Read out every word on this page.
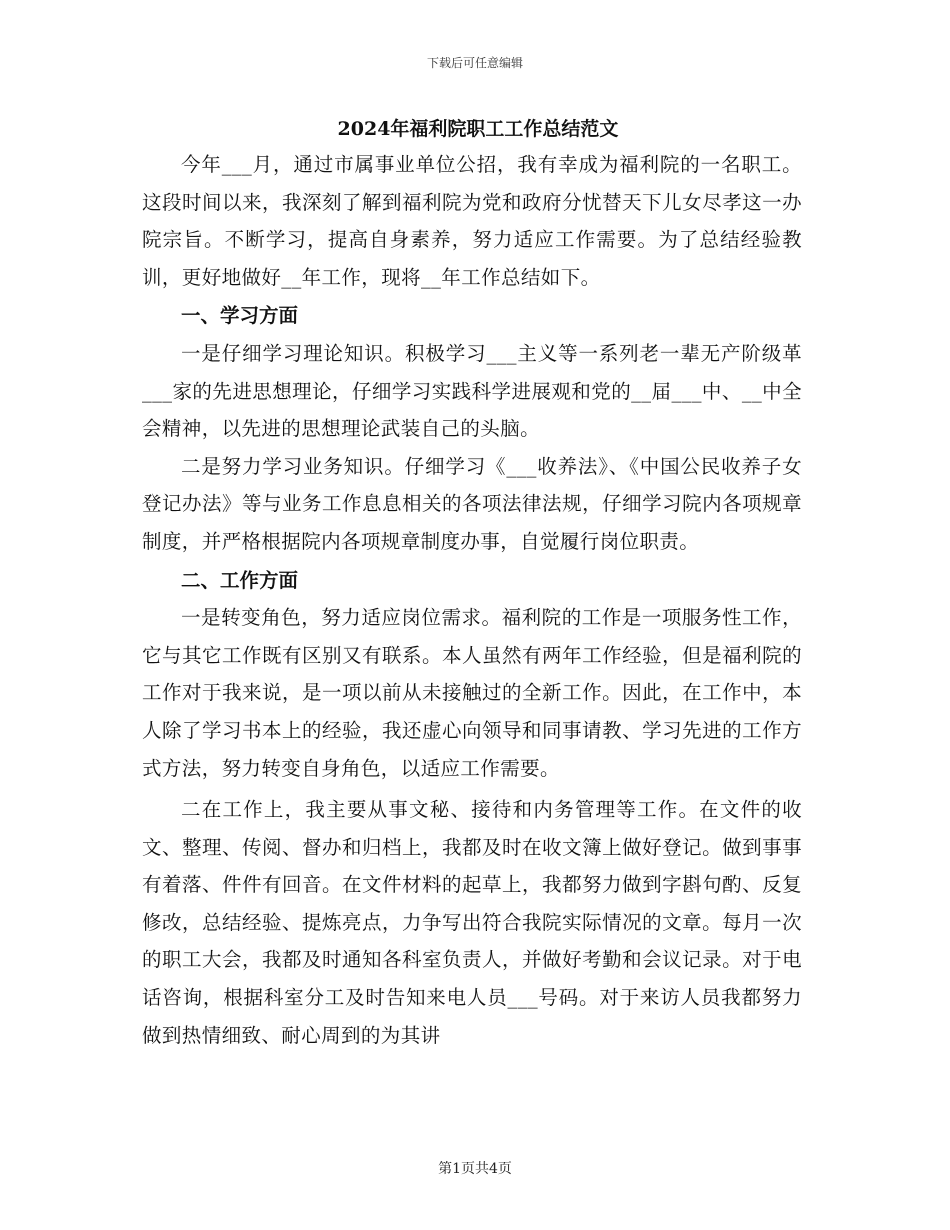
下载后可任意编辑
2024年福利院职工工作总结范文

今年___月，通过市属事业单位公招，我有幸成为福利院的一名职工。这段时间以来，我深刻了解到福利院为党和政府分忧替天下儿女尽孝这一办院宗旨。不断学习，提高自身素养，努力适应工作需要。为了总结经验教训，更好地做好__年工作，现将__年工作总结如下。

一、学习方面

一是仔细学习理论知识。积极学习___主义等一系列老一辈无产阶级革___家的先进思想理论，仔细学习实践科学进展观和党的__届___中、__中全会精神，以先进的思想理论武装自己的头脑。

二是努力学习业务知识。仔细学习《___收养法》、《中国公民收养子女登记办法》等与业务工作息息相关的各项法律法规，仔细学习院内各项规章制度，并严格根据院内各项规章制度办事，自觉履行岗位职责。

二、工作方面

一是转变角色，努力适应岗位需求。福利院的工作是一项服务性工作，它与其它工作既有区别又有联系。本人虽然有两年工作经验，但是福利院的工作对于我来说，是一项以前从未接触过的全新工作。因此，在工作中，本人除了学习书本上的经验，我还虚心向领导和同事请教、学习先进的工作方式方法，努力转变自身角色，以适应工作需要。

二在工作上，我主要从事文秘、接待和内务管理等工作。在文件的收文、整理、传阅、督办和归档上，我都及时在收文簿上做好登记。做到事事有着落、件件有回音。在文件材料的起草上，我都努力做到字斟句酌、反复修改，总结经验、提炼亮点，力争写出符合我院实际情况的文章。每月一次的职工大会，我都及时通知各科室负责人，并做好考勤和会议记录。对于电话咨询，根据科室分工及时告知来电人员___号码。对于来访人员我都努力做到热情细致、耐心周到的为其讲

第1页共4页
